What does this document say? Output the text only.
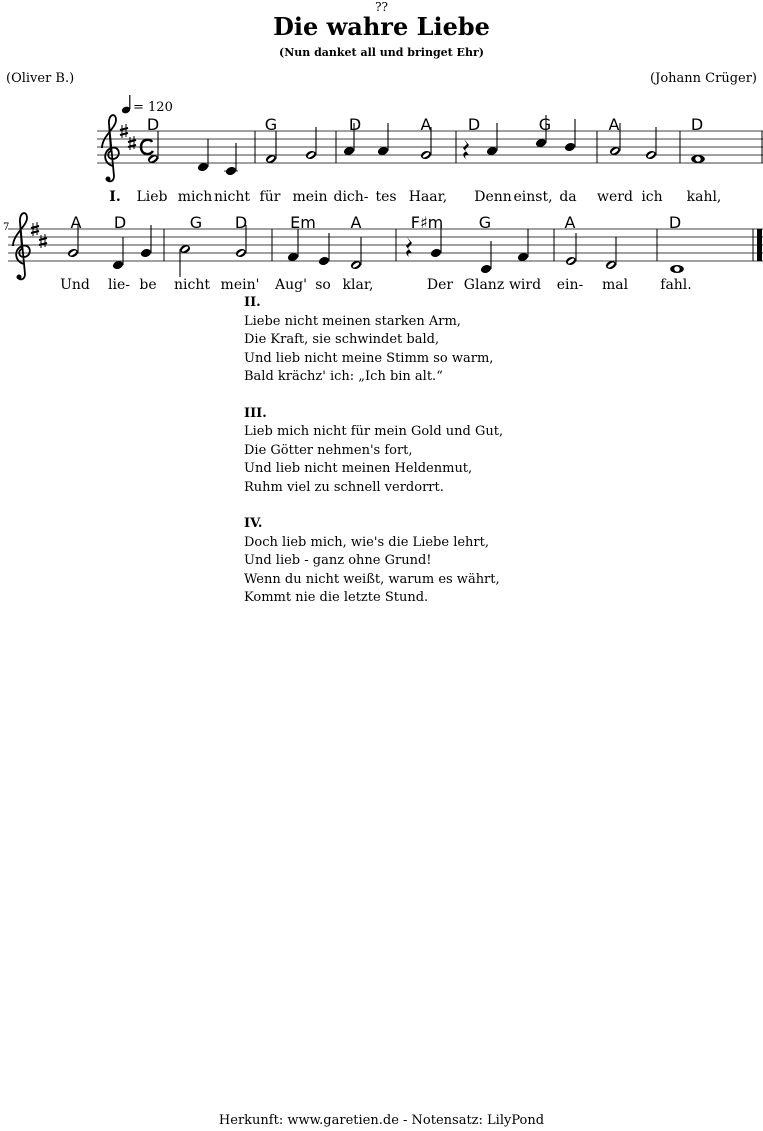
??
Die wahre Liebe
(Nun danket all und bringet Ehr)
(Oliver B.)	(Johann Crüger)
= 120
7
D	G	D	A D	G	A	D
A D	G D	Em A	F♯m G	A	D
I. Lieb mich nicht für mein dich- tes Haar, Denn einst, da werd ich kahl,
Und lie- be nicht mein' Aug' so klar,	Der Glanz wird ein- mal fahl.
II.
Liebe nicht meinen starken Arm,
Die Kraft, sie schwindet bald,
Und lieb nicht meine Stimm so warm,
Bald krächz' ich: „Ich bin alt.“
III.
Lieb mich nicht für mein Gold und Gut,
Die Götter nehmen's fort,
Und lieb nicht meinen Heldenmut,
Ruhm viel zu schnell verdorrt.
IV.
Doch lieb mich, wie's die Liebe lehrt,
Und lieb - ganz ohne Grund!
Wenn du nicht weißt, warum es währt,
Kommt nie die letzte Stund.
Herkunft: www.garetien.de - Notensatz: LilyPond
